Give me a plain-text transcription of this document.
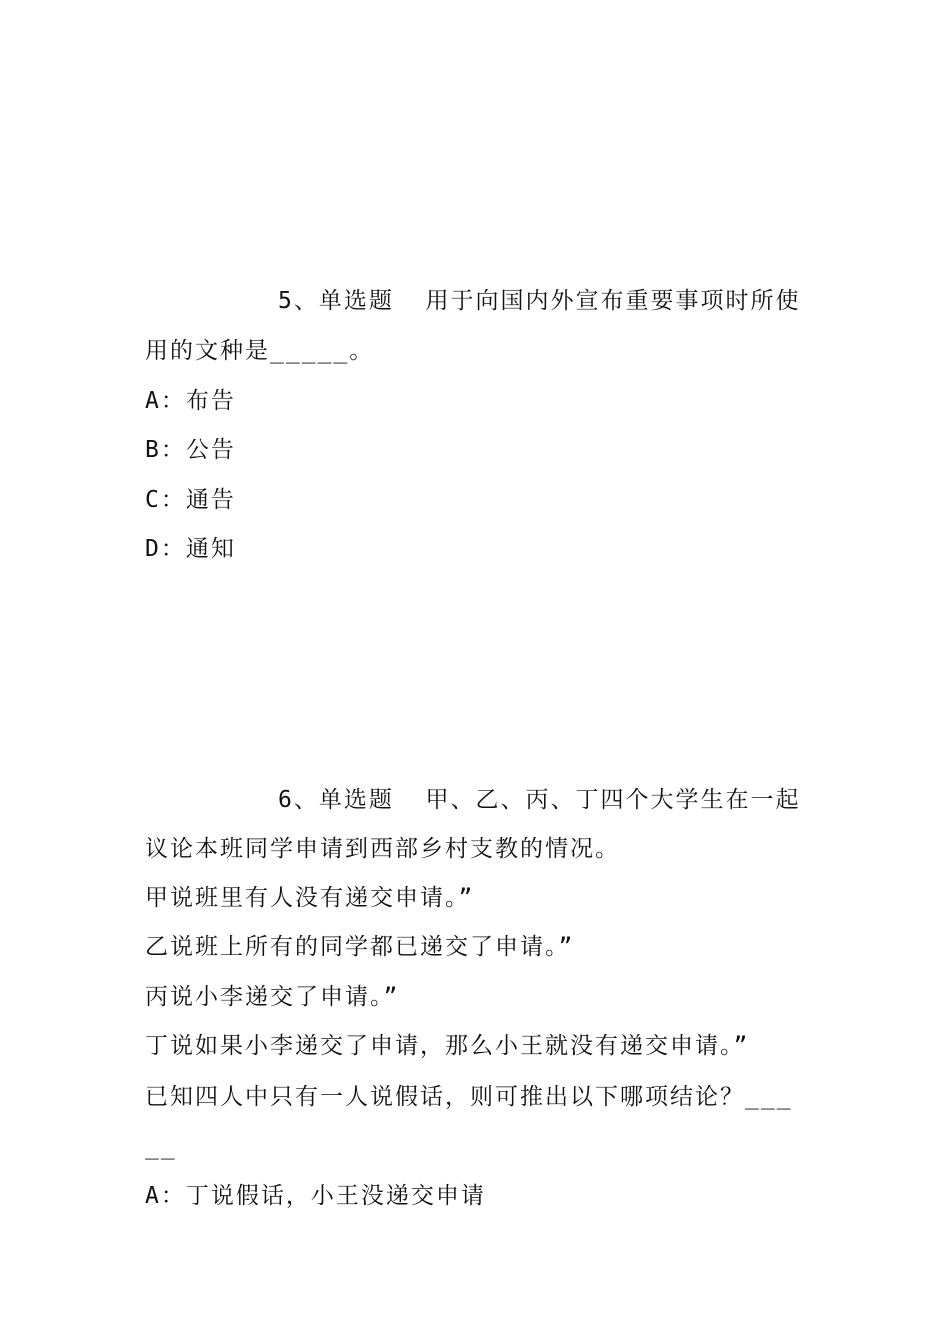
5、单选题  用于向国内外宣布重要事项时所使
用的文种是_____。
A：布告
B：公告
C：通告
D：通知
6、单选题  甲、乙、丙、丁四个大学生在一起
议论本班同学申请到西部乡村支教的情况。
甲说班里有人没有递交申请。”
乙说班上所有的同学都已递交了申请。”
丙说小李递交了申请。”
丁说如果小李递交了申请，那么小王就没有递交申请。”
已知四人中只有一人说假话，则可推出以下哪项结论？___
__
A：丁说假话，小王没递交申请
